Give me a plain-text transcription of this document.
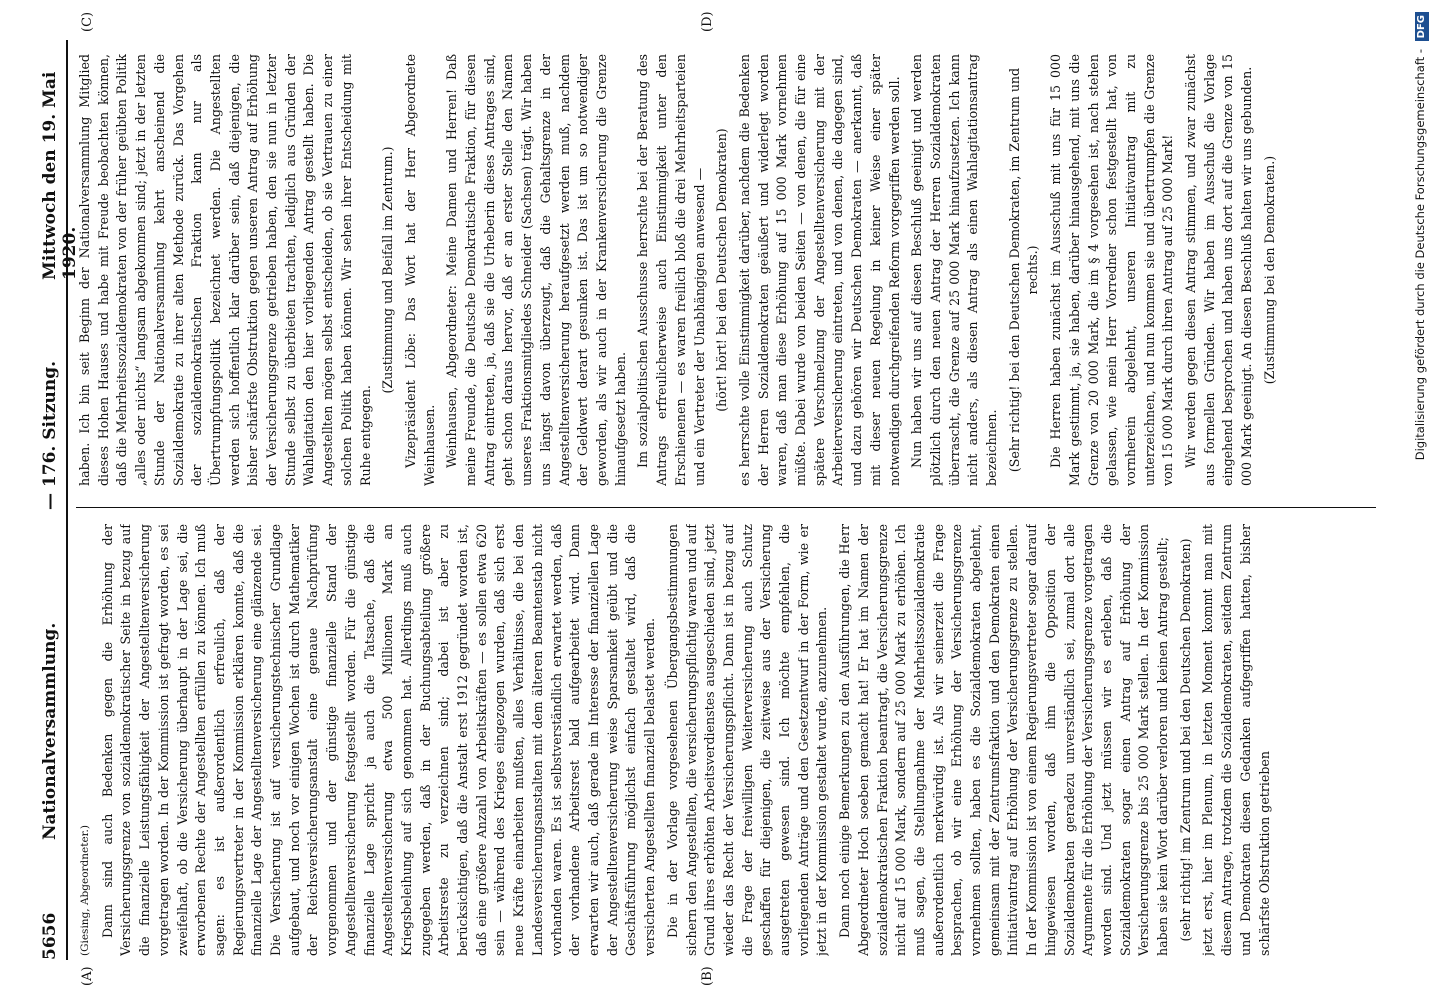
5656
Nationalversammlung.
— 176. Sitzung.
Mittwoch den 19. Mai 1920.
(A)	(B)
(C)	(D)

(Giesing, Abgeordneter.) Dann sind auch Bedenken gegen die Erhöhung der Versicherungsgrenze von sozialdemokratischer Seite in bezug auf die finanzielle Leistungsfähigkeit der Angestelltenversicherung vorgetragen worden. In der Kommission ist gefragt worden, es sei zweifelhaft, ob die Versicherung überhaupt in der Lage sei, die erworbenen Rechte der Angestellten erfüllen zu können. Ich muß sagen: es ist außerordentlich erfreulich, daß der Regierungsvertreter in der Kommission erklären konnte, daß die finanzielle Lage der Angestelltenversicherung eine glänzende sei. Die Versicherung ist auf versicherungstechnischer Grundlage aufgebaut, und noch vor einigen Wochen ist durch Mathematiker der Reichsversicherungsanstalt eine genaue Nachprüfung vorgenommen und der günstige finanzielle Stand der Angestelltenversicherung festgestellt worden. Für die günstige finanzielle Lage spricht ja auch die Tatsache, daß die Angestelltenversicherung etwa 500 Millionen Mark an Kriegsbeleihung auf sich genommen hat. Allerdings muß auch zugegeben werden, daß in der Buchungsabteilung größere Arbeitsreste zu verzeichnen sind; dabei ist aber zu berücksichtigen, daß die Anstalt erst 1912 gegründet worden ist, daß eine größere Anzahl von Arbeitskräften — es sollen etwa 620 sein — während des Krieges eingezogen wurden, daß sich erst neue Kräfte einarbeiten mußten, alles Verhältnisse, die bei den Landesversicherungsanstalten mit dem älteren Beamtenstab nicht vorhanden waren. Es ist selbstverständlich erwartet werden, daß der vorhandene Arbeitsrest bald aufgearbeitet wird. Dann erwarten wir auch, daß gerade im Interesse der finanziellen Lage der Angestelltenversicherung weise Sparsamkeit geübt und die Geschäftsführung möglichst einfach gestaltet wird, daß die versicherten Angestellten finanziell belastet werden. Die in der Vorlage vorgesehenen Übergangsbestimmungen sichern den Angestellten, die versicherungspflichtig waren und auf Grund ihres erhöhten Arbeitsverdienstes ausgeschieden sind, jetzt wieder das Recht der Versicherungspflicht. Dann ist in bezug auf die Frage der freiwilligen Weiterversicherung auch Schutz geschaffen für diejenigen, die zeitweise aus der Versicherung ausgetreten gewesen sind. Ich möchte empfehlen, die vorliegenden Anträge und den Gesetzentwurf in der Form, wie er jetzt in der Kommission gestaltet wurde, anzunehmen. Dann noch einige Bemerkungen zu den Ausführungen, die Herr Abgeordneter Hoch soeben gemacht hat! Er hat im Namen der sozialdemokratischen Fraktion beantragt, die Versicherungsgrenze nicht auf 15 000 Mark, sondern auf 25 000 Mark zu erhöhen. Ich muß sagen, die Stellungnahme der Mehrheitssozialdemokratie außerordentlich merkwürdig ist. Als wir seinerzeit die Frage besprachen, ob wir eine Erhöhung der Versicherungsgrenze vornehmen sollten, haben es die Sozialdemokraten abgelehnt, gemeinsam mit der Zentrumsfraktion und den Demokraten einen Initiativantrag auf Erhöhung der Versicherungsgrenze zu stellen. In der Kommission ist von einem Regierungsvertreter sogar darauf hingewiesen worden, daß ihm die Opposition der Sozialdemokraten geradezu unverständlich sei, zumal dort alle Argumente für die Erhöhung der Versicherungsgrenze vorgetragen worden sind. Und jetzt müssen wir es erleben, daß die Sozialdemokraten sogar einen Antrag auf Erhöhung der Versicherungsgrenze bis 25 000 Mark stellen. In der Kommission haben sie kein Wort darüber verloren und keinen Antrag gestellt; (sehr richtig! im Zentrum und bei den Deutschen Demokraten) jetzt erst, hier im Plenum, in letzten Moment kommt man mit diesem Antrage, trotzdem die Sozialdemokraten, seitdem Zentrum und Demokraten diesen Gedanken aufgegriffen hatten, bisher schärfste Obstruktion getrieben

haben. Ich bin seit Beginn der Nationalversammlung Mitglied dieses Hohen Hauses und habe mit Freude beobachten können, daß die Mehrheitssozialdemokraten von der früher geübten Politik „alles oder nichts“ langsam abgekommen sind; jetzt in der letzten Stunde der Nationalversammlung kehrt anscheinend die Sozialdemokratie zu ihrer alten Methode zurück. Das Vorgehen der sozialdemokratischen Fraktion kann nur als Übertrumpfungspolitik bezeichnet werden. Die Angestellten werden sich hoffentlich klar darüber sein, daß diejenigen, die bisher schärfste Obstruktion gegen unseren Antrag auf Erhöhung der Versicherungsgrenze getrieben haben, den sie nun in letzter Stunde selbst zu überbieten trachten, lediglich aus Gründen der Wahlagitation den hier vorliegenden Antrag gestellt haben. Die Angestellten mögen selbst entscheiden, ob sie Vertrauen zu einer solchen Politik haben können. Wir sehen ihrer Entscheidung mit Ruhe entgegen.

(Zustimmung und Beifall im Zentrum.) Vizepräsident Löbe: Das Wort hat der Herr Abgeordnete Weinhausen. Weinhausen, Abgeordneter: Meine Damen und Herren! Daß meine Freunde, die Deutsche Demokratische Fraktion, für diesen Antrag eintreten, ja, daß sie die Urheberin dieses Antrages sind, geht schon daraus hervor, daß er an erster Stelle den Namen unseres Fraktionsmitgliedes Schneider (Sachsen) trägt. Wir haben uns längst davon überzeugt, daß die Gehaltsgrenze in der Angestelltenversicherung heraufgesetzt werden muß, nachdem der Geldwert derart gesunken ist. Das ist um so notwendiger geworden, als wir auch in der Krankenversicherung die Grenze hinaufgesetzt haben. Im sozialpolitischen Ausschusse herrschte bei der Beratung des Antrags erfreulicherweise auch Einstimmigkeit unter den Erschienenen — es waren freilich bloß die drei Mehrheitsparteien und ein Vertreter der Unabhängigen anwesend — (hört! hört! bei den Deutschen Demokraten) es herrschte volle Einstimmigkeit darüber, nachdem die Bedenken der Herren Sozialdemokraten geäußert und widerlegt worden waren, daß man diese Erhöhung auf 15 000 Mark vornehmen müßte. Dabei wurde von beiden Seiten — von denen, die für eine spätere Verschmelzung der Angestelltenversicherung mit der Arbeiterversicherung eintreten, und von denen, die dagegen sind, und dazu gehören wir Deutschen Demokraten — anerkannt, daß mit dieser neuen Regelung in keiner Weise einer später notwendigen durchgreifenden Reform vorgegriffen werden soll. Nun haben wir uns auf diesen Beschluß geeinigt und werden plötzlich durch den neuen Antrag der Herren Sozialdemokraten überrascht, die Grenze auf 25 000 Mark hinaufzusetzen. Ich kann nicht anders, als diesen Antrag als einen Wahlagitationsantrag bezeichnen. (Sehr richtig! bei den Deutschen Demokraten, im Zentrum und rechts.) Die Herren haben zunächst im Ausschuß mit uns für 15 000 Mark gestimmt, ja, sie haben, darüber hinausgehend, mit uns die Grenze von 20 000 Mark, die im § 4 vorgesehen ist, nach stehen gelassen, wie mein Herr Vorredner schon festgestellt hat, von vornherein abgelehnt, unseren Initiativantrag mit zu unterzeichnen, und nun kommen sie und übertrumpfen die Grenze von 15 000 Mark durch ihren Antrag auf 25 000 Mark! Wir werden gegen diesen Antrag stimmen, und zwar zunächst aus formellen Gründen. Wir haben im Ausschuß die Vorlage eingehend besprochen und haben uns dort auf die Grenze von 15 000 Mark geeinigt. An diesen Beschluß halten wir uns gebunden. (Zustimmung bei den Demokraten.)	Digitalisierung gefördert durch die Deutsche Forschungsgemeinschaft - DFG
